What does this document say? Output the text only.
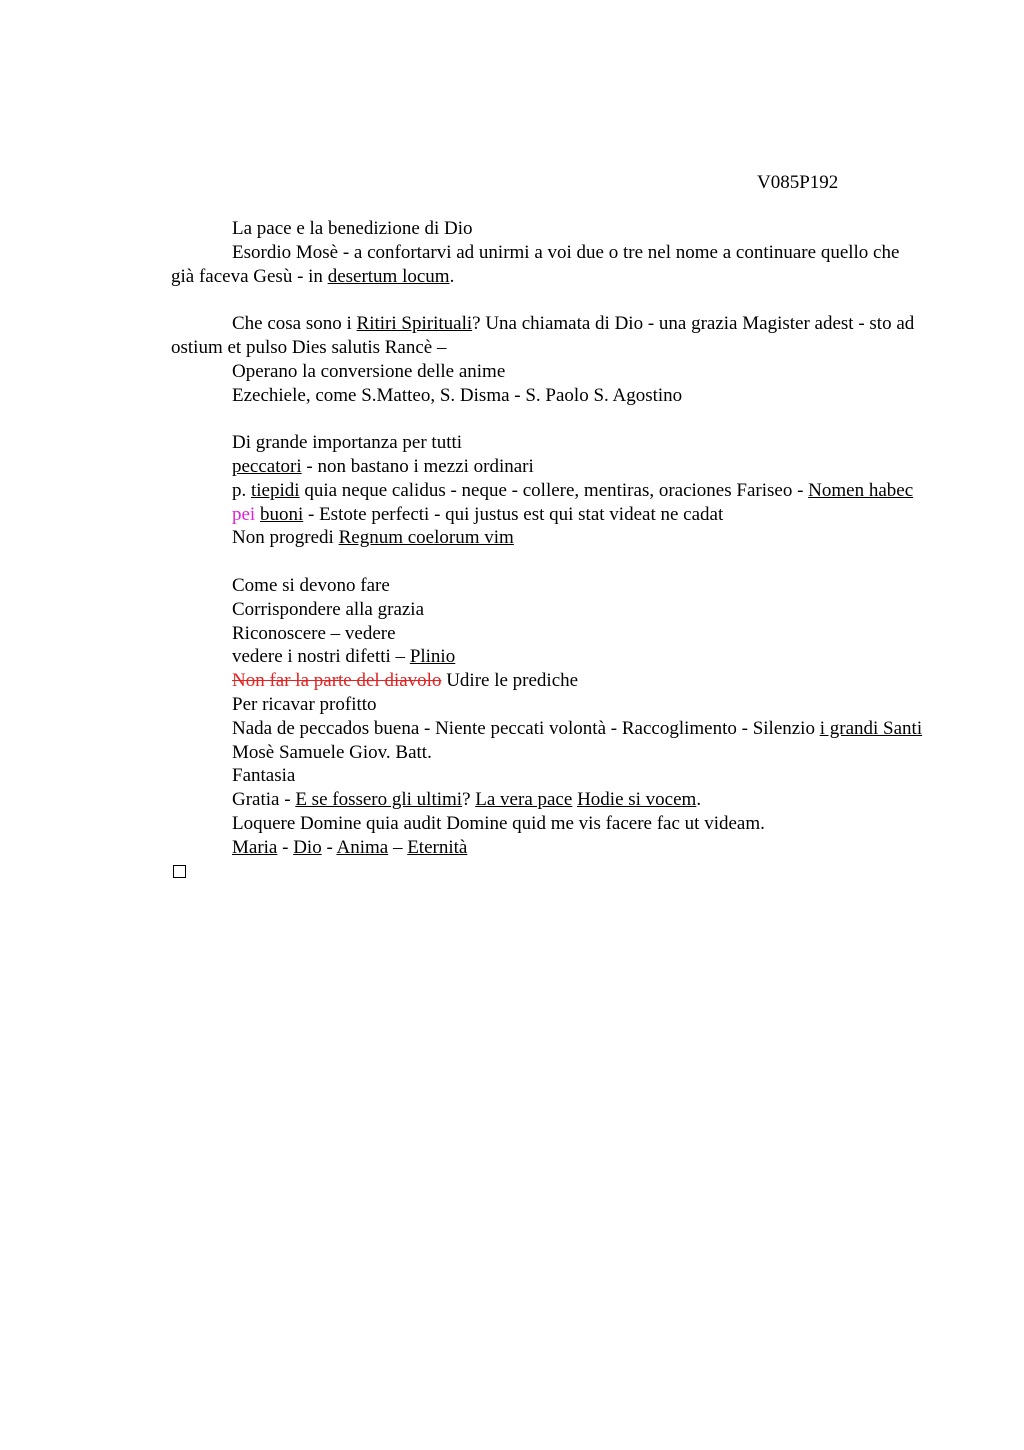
V085P192

La pace e la benedizione di Dio

Esordio Mosè - a confortarvi ad unirmi a voi due o tre nel nome a continuare quello che già faceva Gesù - in desertum locum.

Che cosa sono i Ritiri Spirituali? Una chiamata di Dio - una grazia Magister adest - sto ad ostium et pulso Dies salutis Rancè –

Operano la conversione delle anime

Ezechiele, come S.Matteo, S. Disma - S. Paolo S. Agostino

Di grande importanza per tutti

peccatori - non bastano i mezzi ordinari

p. tiepidi quia neque calidus - neque - collere, mentiras, oraciones Fariseo - Nomen habec

pei buoni - Estote perfecti - qui justus est qui stat videat ne cadat

Non progredi Regnum coelorum vim

Come si devono fare

Corrispondere alla grazia

Riconoscere – vedere

vedere i nostri difetti – Plinio

Non far la parte del diavolo Udire le prediche

Per ricavar profitto

Nada de peccados buena - Niente peccati volontà - Raccoglimento - Silenzio i grandi Santi Mosè Samuele Giov. Batt.

Fantasia

Gratia - E se fossero gli ultimi? La vera pace Hodie si vocem.

Loquere Domine quia audit Domine quid me vis facere fac ut videam.

Maria - Dio - Anima – Eternità
